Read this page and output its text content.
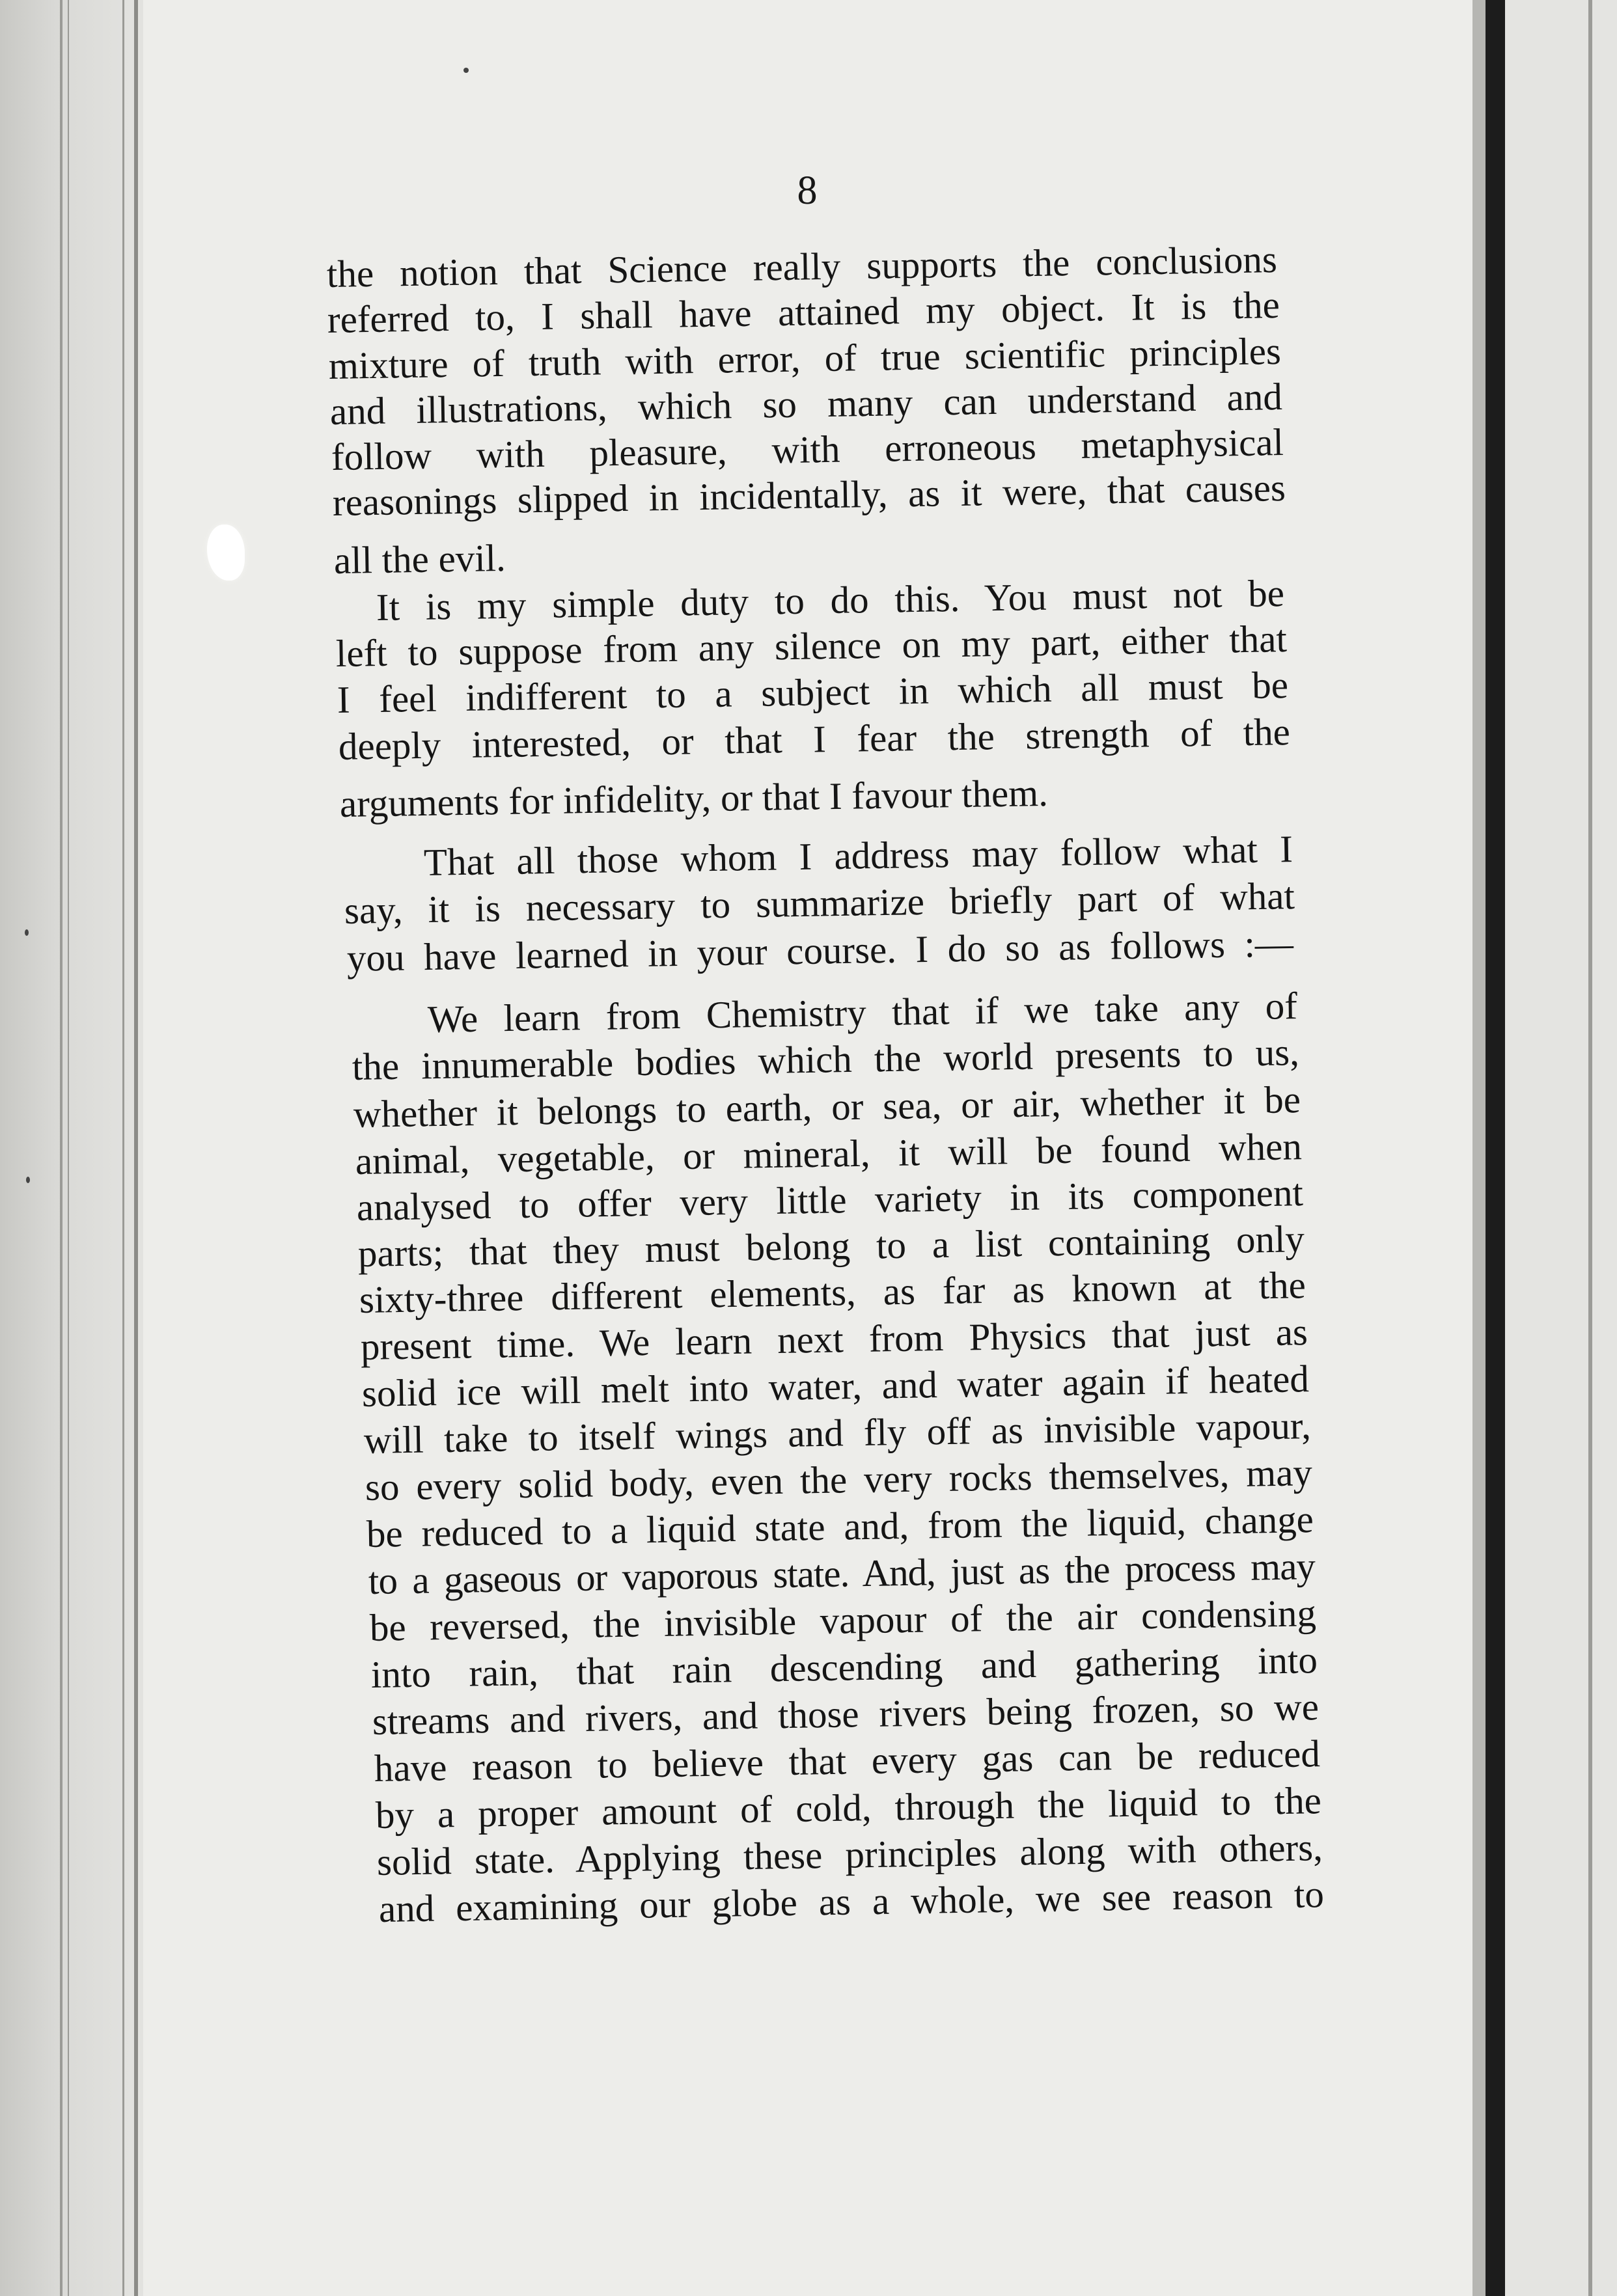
8
the notion that Science really supports the conclusions
referred to, I shall have attained my object. It is the
mixture of truth with error, of true scientific principles
and illustrations, which so many can understand and
follow with pleasure, with erroneous metaphysical
reasonings slipped in incidentally, as it were, that causes
all the evil.
It is my simple duty to do this. You must not be
left to suppose from any silence on my part, either that
I feel indifferent to a subject in which all must be
deeply interested, or that I fear the strength of the
arguments for infidelity, or that I favour them.
That all those whom I address may follow what I
say, it is necessary to summarize briefly part of what
you have learned in your course. I do so as follows :—
We learn from Chemistry that if we take any of
the innumerable bodies which the world presents to us,
whether it belongs to earth, or sea, or air, whether it be
animal, vegetable, or mineral, it will be found when
analysed to offer very little variety in its component
parts; that they must belong to a list containing only
sixty-three different elements, as far as known at the
present time. We learn next from Physics that just as
solid ice will melt into water, and water again if heated
will take to itself wings and fly off as invisible vapour,
so every solid body, even the very rocks themselves, may
be reduced to a liquid state and, from the liquid, change
to a gaseous or vaporous state. And, just as the process may
be reversed, the invisible vapour of the air condensing
into rain, that rain descending and gathering into
streams and rivers, and those rivers being frozen, so we
have reason to believe that every gas can be reduced
by a proper amount of cold, through the liquid to the
solid state. Applying these principles along with others,
and examining our globe as a whole, we see reason to
